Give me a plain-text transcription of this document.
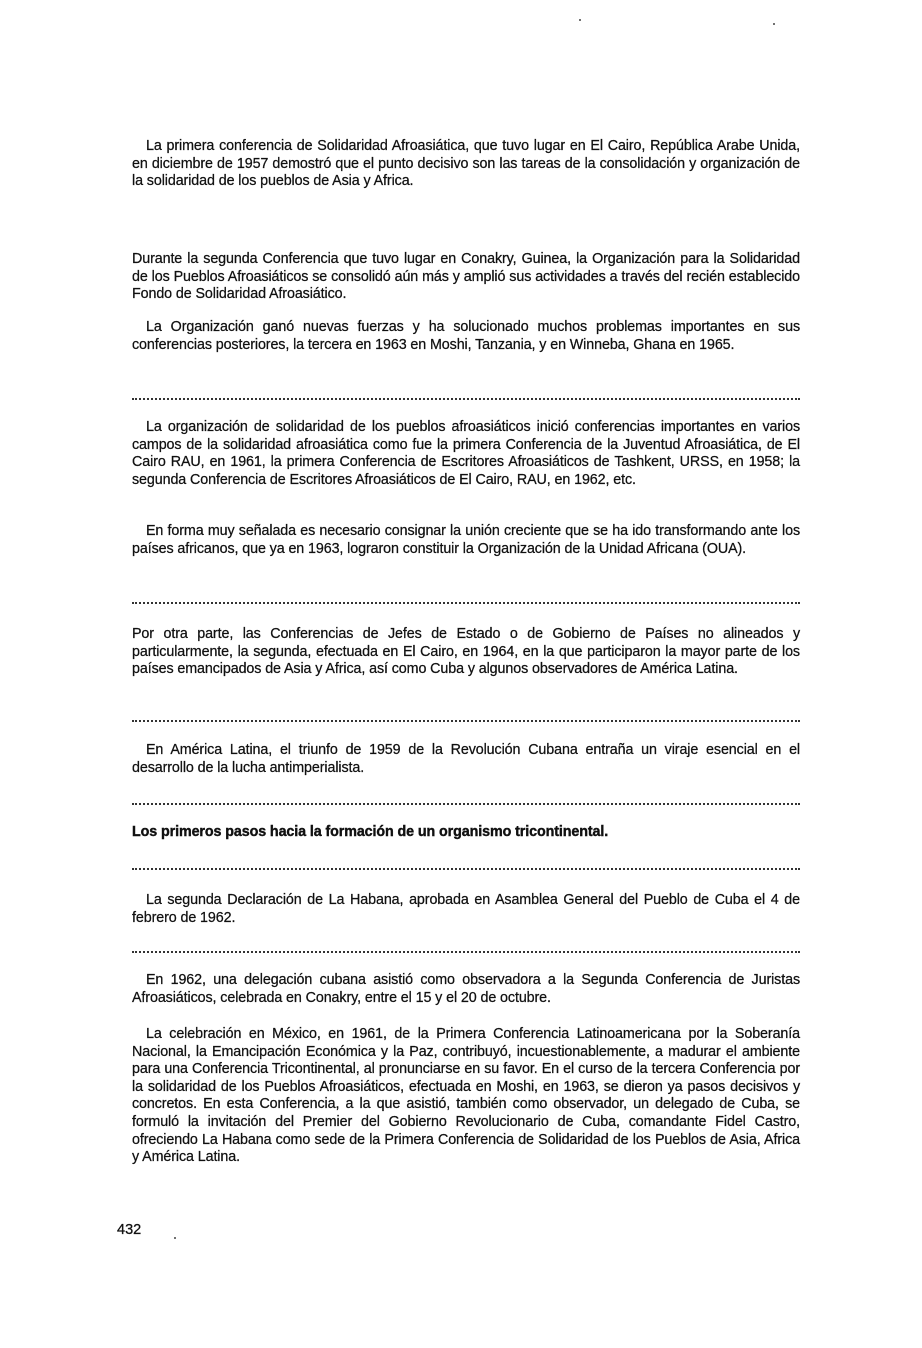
La primera conferencia de Solidaridad Afroasiática, que tuvo lugar en El Cairo, República Arabe Unida, en diciembre de 1957 demostró que el punto decisivo son las tareas de la consolidación y organización de la solidaridad de los pueblos de Asia y Africa.

Durante la segunda Conferencia que tuvo lugar en Conakry, Guinea, la Organización para la Solidaridad de los Pueblos Afroasiáticos se consolidó aún más y amplió sus actividades a través del recién establecido Fondo de Solidaridad Afroasiático.

La Organización ganó nuevas fuerzas y ha solucionado muchos problemas importantes en sus conferencias posteriores, la tercera en 1963 en Moshi, Tanzania, y en Winneba, Ghana en 1965.

La organización de solidaridad de los pueblos afroasiáticos inició conferencias importantes en varios campos de la solidaridad afroasiática como fue la primera Conferencia de la Juventud Afroasiática, de El Cairo RAU, en 1961, la primera Conferencia de Escritores Afroasiáticos de Tashkent, URSS, en 1958; la segunda Conferencia de Escritores Afroasiáticos de El Cairo, RAU, en 1962, etc.

En forma muy señalada es necesario consignar la unión creciente que se ha ido transformando ante los países africanos, que ya en 1963, lograron constituir la Organización de la Unidad Africana (OUA).

Por otra parte, las Conferencias de Jefes de Estado o de Gobierno de Países no alineados y particularmente, la segunda, efectuada en El Cairo, en 1964, en la que participaron la mayor parte de los países emancipados de Asia y Africa, así como Cuba y algunos observadores de América Latina.

En América Latina, el triunfo de 1959 de la Revolución Cubana entraña un viraje esencial en el desarrollo de la lucha antimperialista.

Los primeros pasos hacia la formación de un organismo tricontinental.

La segunda Declaración de La Habana, aprobada en Asamblea General del Pueblo de Cuba el 4 de febrero de 1962.

En 1962, una delegación cubana asistió como observadora a la Segunda Conferencia de Juristas Afroasiáticos, celebrada en Conakry, entre el 15 y el 20 de octubre.

La celebración en México, en 1961, de la Primera Conferencia Latinoamericana por la Soberanía Nacional, la Emancipación Económica y la Paz, contribuyó, incuestionablemente, a madurar el ambiente para una Conferencia Tricontinental, al pronunciarse en su favor. En el curso de la tercera Conferencia por la solidaridad de los Pueblos Afroasiáticos, efectuada en Moshi, en 1963, se dieron ya pasos decisivos y concretos. En esta Conferencia, a la que asistió, también como observador, un delegado de Cuba, se formuló la invitación del Premier del Gobierno Revolucionario de Cuba, comandante Fidel Castro, ofreciendo La Habana como sede de la Primera Conferencia de Solidaridad de los Pueblos de Asia, Africa y América Latina.

432
